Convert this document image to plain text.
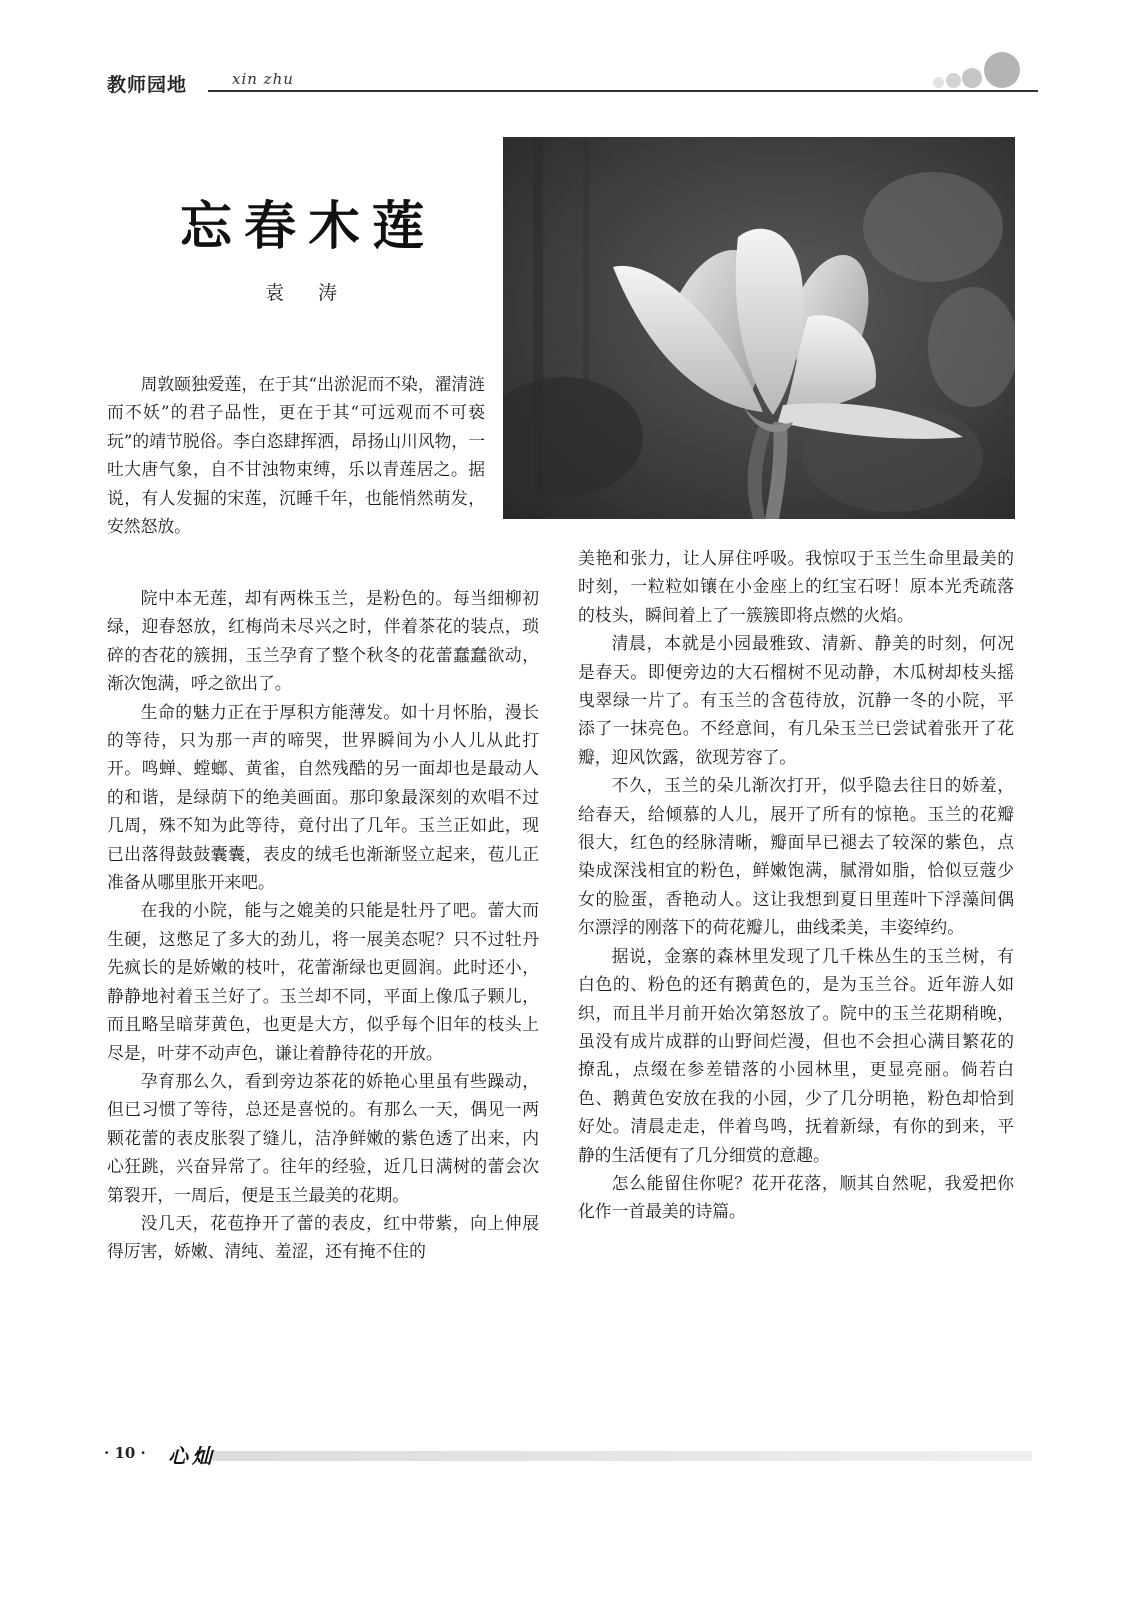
教师园地	xin zhu
忘春木莲
袁 涛

周敦颐独爱莲，在于其“出淤泥而不染，濯清涟而不妖”的君子品性，更在于其“可远观而不可亵玩”的靖节脱俗。李白恣肆挥洒，昂扬山川风物，一吐大唐气象，自不甘浊物束缚，乐以青莲居之。据说，有人发掘的宋莲，沉睡千年，也能悄然萌发，安然怒放。

院中本无莲，却有两株玉兰，是粉色的。每当细柳初绿，迎春怒放，红梅尚未尽兴之时，伴着茶花的装点，琐碎的杏花的簇拥，玉兰孕育了整个秋冬的花蕾蠢蠢欲动，渐次饱满，呼之欲出了。

生命的魅力正在于厚积方能薄发。如十月怀胎，漫长的等待，只为那一声的啼哭，世界瞬间为小人儿从此打开。鸣蝉、螳螂、黄雀，自然残酷的另一面却也是最动人的和谐，是绿荫下的绝美画面。那印象最深刻的欢唱不过几周，殊不知为此等待，竟付出了几年。玉兰正如此，现已出落得鼓鼓囊囊，表皮的绒毛也渐渐竖立起来，苞儿正准备从哪里胀开来吧。

在我的小院，能与之媲美的只能是牡丹了吧。蕾大而生硬，这憋足了多大的劲儿，将一展美态呢？只不过牡丹先疯长的是娇嫩的枝叶，花蕾渐绿也更圆润。此时还小，静静地衬着玉兰好了。玉兰却不同，平面上像瓜子颗儿，而且略呈暗芽黄色，也更是大方，似乎每个旧年的枝头上尽是，叶芽不动声色，谦让着静待花的开放。

孕育那么久，看到旁边茶花的娇艳心里虽有些躁动，但已习惯了等待，总还是喜悦的。有那么一天，偶见一两颗花蕾的表皮胀裂了缝儿，洁净鲜嫩的紫色透了出来，内心狂跳，兴奋异常了。往年的经验，近几日满树的蕾会次第裂开，一周后，便是玉兰最美的花期。

没几天，花苞挣开了蕾的表皮，红中带紫，向上伸展得厉害，娇嫩、清纯、羞涩，还有掩不住的

美艳和张力，让人屏住呼吸。我惊叹于玉兰生命里最美的时刻，一粒粒如镶在小金座上的红宝石呀！原本光秃疏落的枝头，瞬间着上了一簇簇即将点燃的火焰。

清晨，本就是小园最雅致、清新、静美的时刻，何况是春天。即便旁边的大石榴树不见动静，木瓜树却枝头摇曳翠绿一片了。有玉兰的含苞待放，沉静一冬的小院，平添了一抹亮色。不经意间，有几朵玉兰已尝试着张开了花瓣，迎风饮露，欲现芳容了。

不久，玉兰的朵儿渐次打开，似乎隐去往日的娇羞，给春天，给倾慕的人儿，展开了所有的惊艳。玉兰的花瓣很大，红色的经脉清晰，瓣面早已褪去了较深的紫色，点染成深浅相宜的粉色，鲜嫩饱满，腻滑如脂，恰似豆蔻少女的脸蛋，香艳动人。这让我想到夏日里莲叶下浮藻间偶尔漂浮的刚落下的荷花瓣儿，曲线柔美，丰姿绰约。

据说，金寨的森林里发现了几千株丛生的玉兰树，有白色的、粉色的还有鹅黄色的，是为玉兰谷。近年游人如织，而且半月前开始次第怒放了。院中的玉兰花期稍晚，虽没有成片成群的山野间烂漫，但也不会担心满目繁花的撩乱，点缀在参差错落的小园林里，更显亮丽。倘若白色、鹅黄色安放在我的小园，少了几分明艳，粉色却恰到好处。清晨走走，伴着鸟鸣，抚着新绿，有你的到来，平静的生活便有了几分细赏的意趣。

怎么能留住你呢？花开花落，顺其自然呢，我爱把你化作一首最美的诗篇。

· 10 · 心灿
